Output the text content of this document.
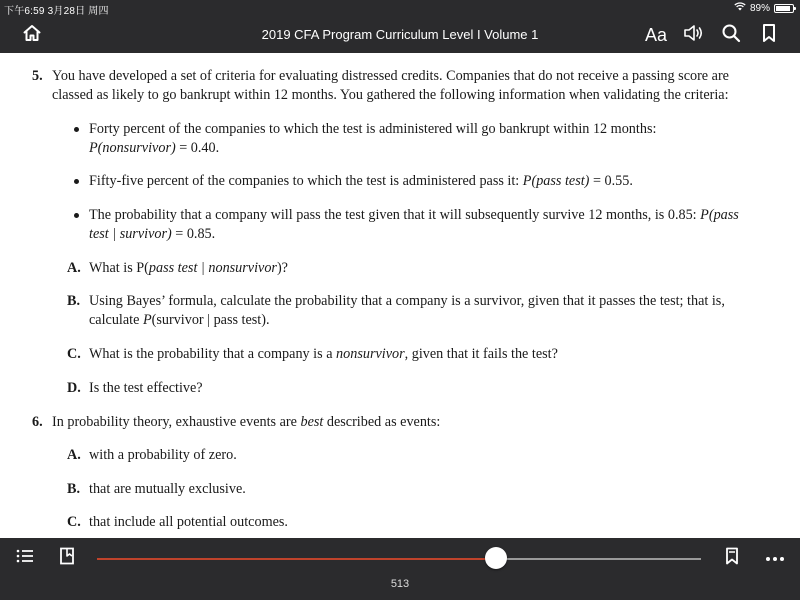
下午6:59 3月28日 周四	89%
2019 CFA Program Curriculum Level I Volume 1	Aa
5. You have developed a set of criteria for evaluating distressed credits. Companies that do not receive a passing score are
classed as likely to go bankrupt within 12 months. You gathered the following information when validating the criteria:
Forty percent of the companies to which the test is administered will go bankrupt within 12 months:
P(nonsurvivor) = 0.40.
Fifty-five percent of the companies to which the test is administered pass it: P(pass test) = 0.55.
The probability that a company will pass the test given that it will subsequently survive 12 months, is 0.85: P(pass
test | survivor) = 0.85.
A. What is P(pass test | nonsurvivor)?
B. Using Bayes’ formula, calculate the probability that a company is a survivor, given that it passes the test; that is,
calculate P(survivor | pass test).
C. What is the probability that a company is a nonsurvivor, given that it fails the test?
D. Is the test effective?
6. In probability theory, exhaustive events are best described as events:
A. with a probability of zero.
B. that are mutually exclusive.
C. that include all potential outcomes.
513
